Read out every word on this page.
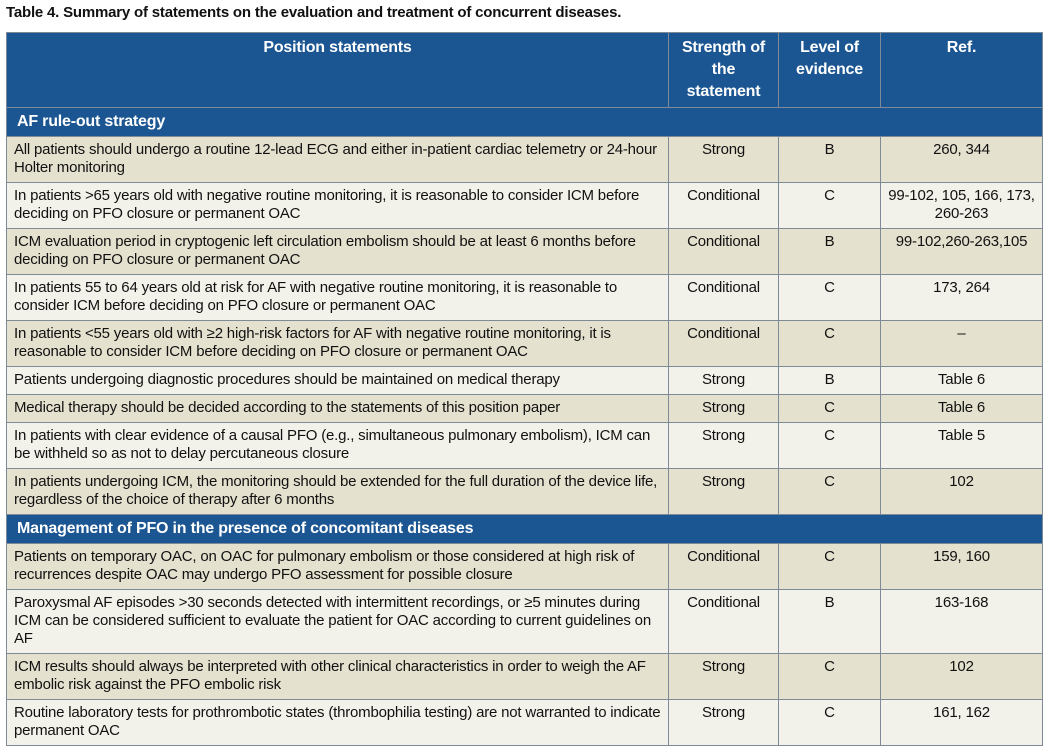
Table 4. Summary of statements on the evaluation and treatment of concurrent diseases.
Position statements	Strength of the statement	Level of evidence	Ref.
AF rule-out strategy			
All patients should undergo a routine 12-lead ECG and either in-patient cardiac telemetry or 24-hour Holter monitoring	Strong	B	260, 344
In patients >65 years old with negative routine monitoring, it is reasonable to consider ICM before deciding on PFO closure or permanent OAC	Conditional	C	99-102, 105, 166, 173, 260-263
ICM evaluation period in cryptogenic left circulation embolism should be at least 6 months before deciding on PFO closure or permanent OAC	Conditional	B	99-102,260-263,105
In patients 55 to 64 years old at risk for AF with negative routine monitoring, it is reasonable to consider ICM before deciding on PFO closure or permanent OAC	Conditional	C	173, 264
In patients <55 years old with ≥2 high-risk factors for AF with negative routine monitoring, it is reasonable to consider ICM before deciding on PFO closure or permanent OAC	Conditional	C	–
Patients undergoing diagnostic procedures should be maintained on medical therapy	Strong	B	Table 6
Medical therapy should be decided according to the statements of this position paper	Strong	C	Table 6
In patients with clear evidence of a causal PFO (e.g., simultaneous pulmonary embolism), ICM can be withheld so as not to delay percutaneous closure	Strong	C	Table 5
In patients undergoing ICM, the monitoring should be extended for the full duration of the device life, regardless of the choice of therapy after 6 months	Strong	C	102
Management of PFO in the presence of concomitant diseases			
Patients on temporary OAC, on OAC for pulmonary embolism or those considered at high risk of recurrences despite OAC may undergo PFO assessment for possible closure	Conditional	C	159, 160
Paroxysmal AF episodes >30 seconds detected with intermittent recordings, or ≥5 minutes during ICM can be considered sufficient to evaluate the patient for OAC according to current guidelines on AF	Conditional	B	163-168
ICM results should always be interpreted with other clinical characteristics in order to weigh the AF embolic risk against the PFO embolic risk	Strong	C	102
Routine laboratory tests for prothrombotic states (thrombophilia testing) are not warranted to indicate permanent OAC	Strong	C	161, 162
